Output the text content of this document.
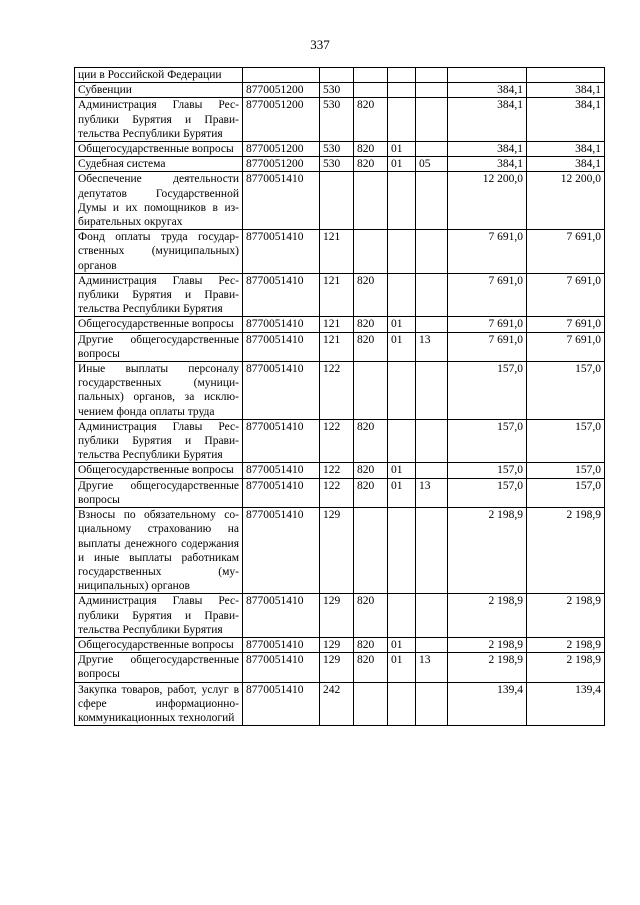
337
ции в Российской Федерации							
Субвенции	8770051200	530				384,1	384,1
Администрация Главы Республики Бурятия и Правительства Республики Бурятия	8770051200	530	820			384,1	384,1
Общегосударственные вопросы	8770051200	530	820	01		384,1	384,1
Судебная система	8770051200	530	820	01	05	384,1	384,1
Обеспечение деятельности депутатов Государственной Думы и их помощников в избирательных округах	8770051410					12 200,0	12 200,0
Фонд оплаты труда государственных (муниципальных) органов	8770051410	121				7 691,0	7 691,0
Администрация Главы Республики Бурятия и Правительства Республики Бурятия	8770051410	121	820			7 691,0	7 691,0
Общегосударственные вопросы	8770051410	121	820	01		7 691,0	7 691,0
Другие общегосударственные вопросы	8770051410	121	820	01	13	7 691,0	7 691,0
Иные выплаты персоналу государственных (муниципальных) органов, за исключением фонда оплаты труда	8770051410	122				157,0	157,0
Администрация Главы Республики Бурятия и Правительства Республики Бурятия	8770051410	122	820			157,0	157,0
Общегосударственные вопросы	8770051410	122	820	01		157,0	157,0
Другие общегосударственные вопросы	8770051410	122	820	01	13	157,0	157,0
Взносы по обязательному социальному страхованию на выплаты денежного содержания и иные выплаты работникам государственных (муниципальных) органов	8770051410	129				2 198,9	2 198,9
Администрация Главы Республики Бурятия и Правительства Республики Бурятия	8770051410	129	820			2 198,9	2 198,9
Общегосударственные вопросы	8770051410	129	820	01		2 198,9	2 198,9
Другие общегосударственные вопросы	8770051410	129	820	01	13	2 198,9	2 198,9
Закупка товаров, работ, услуг в сфере информационно-коммуникационных технологий	8770051410	242				139,4	139,4
